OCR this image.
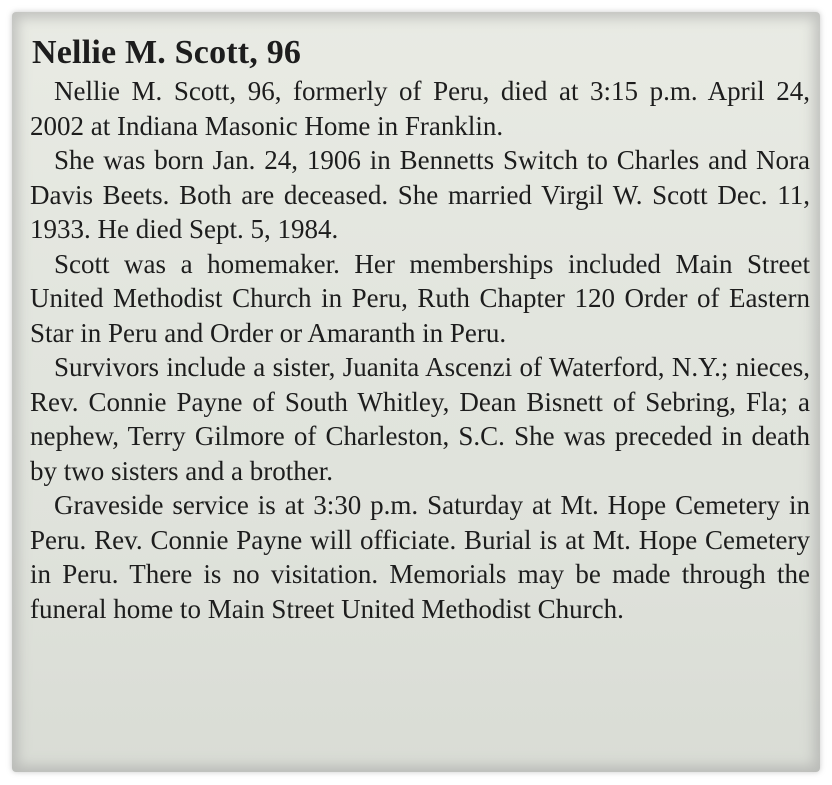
Nellie M. Scott, 96

Nellie M. Scott, 96, formerly of Peru, died at 3:15 p.m. April 24, 2002 at Indiana Masonic Home in Franklin.

She was born Jan. 24, 1906 in Bennetts Switch to Charles and Nora Davis Beets. Both are deceased. She married Virgil W. Scott Dec. 11, 1933. He died Sept. 5, 1984.

Scott was a homemaker. Her memberships included Main Street United Methodist Church in Peru, Ruth Chapter 120 Order of Eastern Star in Peru and Order or Amaranth in Peru.

Survivors include a sister, Juanita Ascenzi of Waterford, N.Y.; nieces, Rev. Connie Payne of South Whitley, Dean Bisnett of Sebring, Fla; a nephew, Terry Gilmore of Charleston, S.C. She was preceded in death by two sisters and a brother.

Graveside service is at 3:30 p.m. Saturday at Mt. Hope Cemetery in Peru. Rev. Connie Payne will officiate. Burial is at Mt. Hope Cemetery in Peru. There is no visitation. Memorials may be made through the funeral home to Main Street United Methodist Church.
